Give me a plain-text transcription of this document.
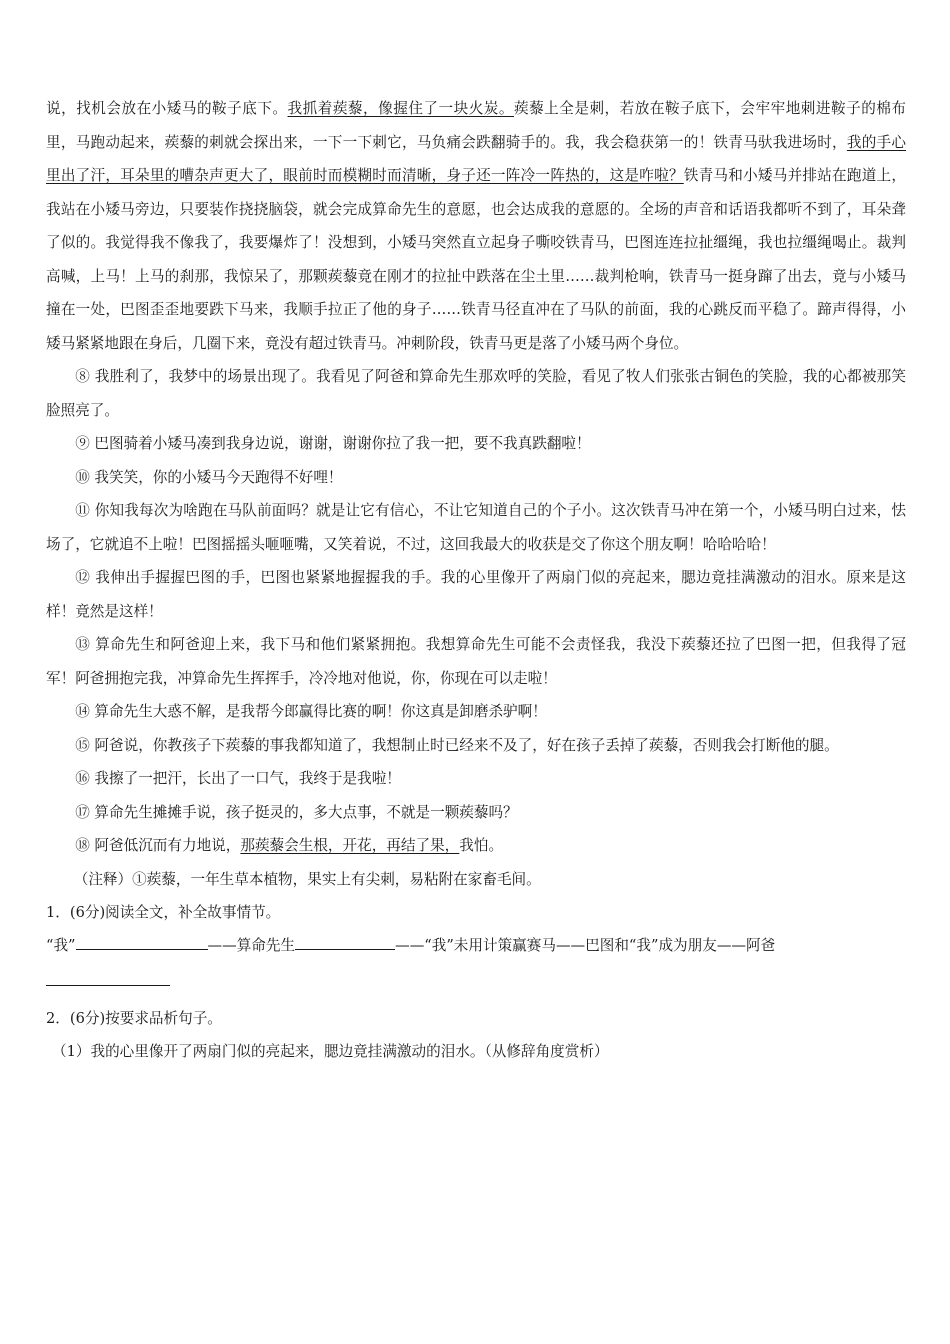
说，找机会放在小矮马的鞍子底下。我抓着蒺藜，像握住了一块火炭。蒺藜上全是刺，若放在鞍子底下，会牢牢地刺进鞍子的棉布里，马跑动起来，蒺藜的刺就会探出来，一下一下刺它，马负痛会跌翻骑手的。我，我会稳获第一的！铁青马驮我进场时，我的手心里出了汗，耳朵里的嘈杂声更大了，眼前时而模糊时而清晰，身子还一阵冷一阵热的，这是咋啦？铁青马和小矮马并排站在跑道上，我站在小矮马旁边，只要装作挠挠脑袋，就会完成算命先生的意愿，也会达成我的意愿的。全场的声音和话语我都听不到了，耳朵聋了似的。我觉得我不像我了，我要爆炸了！没想到，小矮马突然直立起身子嘶咬铁青马，巴图连连拉扯缰绳，我也拉缰绳喝止。裁判高喊，上马！上马的刹那，我惊呆了，那颗蒺藜竟在刚才的拉扯中跌落在尘土里……裁判枪响，铁青马一挺身蹿了出去，竟与小矮马撞在一处，巴图歪歪地要跌下马来，我顺手拉正了他的身子……铁青马径直冲在了马队的前面，我的心跳反而平稳了。蹄声得得，小矮马紧紧地跟在身后，几圈下来，竟没有超过铁青马。冲刺阶段，铁青马更是落了小矮马两个身位。

⑧ 我胜利了，我梦中的场景出现了。我看见了阿爸和算命先生那欢呼的笑脸，看见了牧人们张张古铜色的笑脸，我的心都被那笑脸照亮了。

⑨ 巴图骑着小矮马凑到我身边说，谢谢，谢谢你拉了我一把，要不我真跌翻啦！

⑩ 我笑笑，你的小矮马今天跑得不好哩！

⑪ 你知我每次为啥跑在马队前面吗？就是让它有信心，不让它知道自己的个子小。这次铁青马冲在第一个，小矮马明白过来，怯场了，它就追不上啦！巴图摇摇头咂咂嘴，又笑着说，不过，这回我最大的收获是交了你这个朋友啊！哈哈哈哈！

⑫ 我伸出手握握巴图的手，巴图也紧紧地握握我的手。我的心里像开了两扇门似的亮起来，腮边竟挂满激动的泪水。原来是这样！竟然是这样！

⑬ 算命先生和阿爸迎上来，我下马和他们紧紧拥抱。我想算命先生可能不会责怪我，我没下蒺藜还拉了巴图一把，但我得了冠军！阿爸拥抱完我，冲算命先生挥挥手，冷冷地对他说，你，你现在可以走啦！

⑭ 算命先生大惑不解，是我帮今郎赢得比赛的啊！你这真是卸磨杀驴啊！

⑮ 阿爸说，你教孩子下蒺藜的事我都知道了，我想制止时已经来不及了，好在孩子丢掉了蒺藜，否则我会打断他的腿。

⑯ 我擦了一把汗，长出了一口气，我终于是我啦！

⑰ 算命先生摊摊手说，孩子挺灵的，多大点事，不就是一颗蒺藜吗？

⑱ 阿爸低沉而有力地说，那蒺藜会生根，开花，再结了果，我怕。

（注释）①蒺藜，一年生草本植物，果实上有尖刺，易粘附在家畜毛间。

1．(6分)阅读全文，补全故事情节。

“我”	——算命先生	——“我”未用计策赢赛马——巴图和“我”成为朋友——阿爸

2．(6分)按要求品析句子。

（1）我的心里像开了两扇门似的亮起来，腮边竟挂满激动的泪水。（从修辞角度赏析）
